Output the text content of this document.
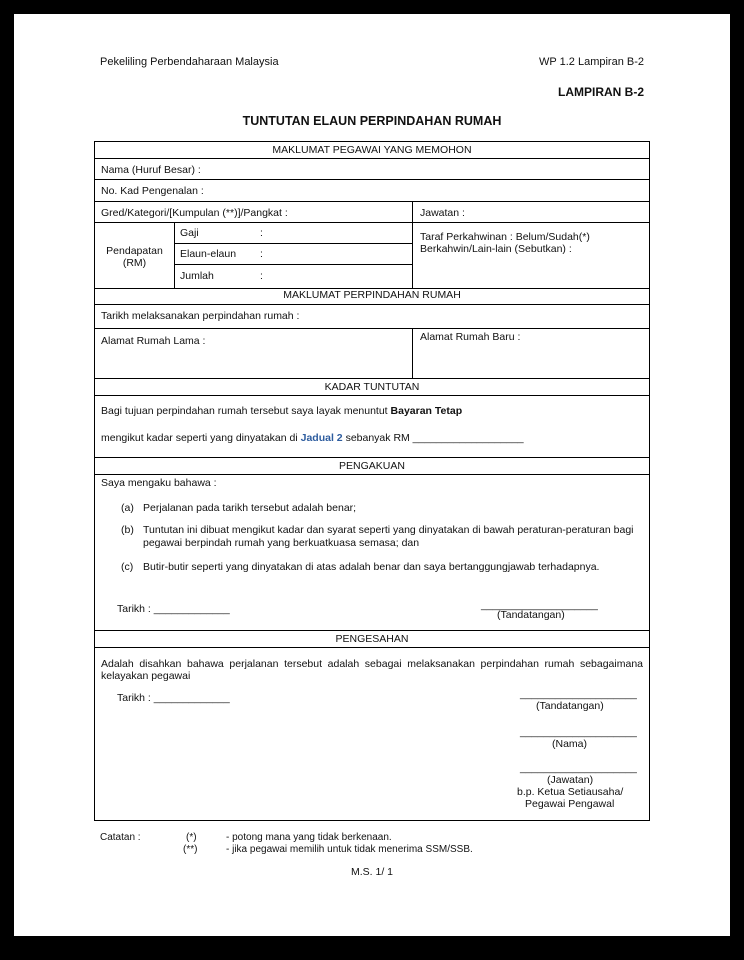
Pekeliling Perbendaharaan Malaysia	WP 1.2 Lampiran B-2
LAMPIRAN B-2
TUNTUTAN ELAUN PERPINDAHAN RUMAH
MAKLUMAT PEGAWAI YANG MEMOHON
Nama (Huruf Besar) :
No. Kad Pengenalan :
Gred/Kategori/[Kumpulan (**)]/Pangkat :	Jawatan :
Pendapatan
(RM)
Gaji	:
Elaun-elaun :
Jumlah	:
Taraf Perkahwinan : Belum/Sudah(*)
Berkahwin/Lain-lain (Sebutkan) :
MAKLUMAT PERPINDAHAN RUMAH
Tarikh melaksanakan perpindahan rumah :
Alamat Rumah Lama :	Alamat Rumah Baru :
KADAR TUNTUTAN
Bagi tujuan perpindahan rumah tersebut saya layak menuntut Bayaran Tetap
mengikut kadar seperti yang dinyatakan di Jadual 2 sebanyak RM ___________________
PENGAKUAN
Saya mengaku bahawa :
(a) Perjalanan pada tarikh tersebut adalah benar;
(b) Tuntutan ini dibuat mengikut kadar dan syarat seperti yang dinyatakan di bawah peraturan-peraturan bagi
pegawai berpindah rumah yang berkuatkuasa semasa; dan
(c) Butir-butir seperti yang dinyatakan di atas adalah benar dan saya bertanggungjawab terhadapnya.
Tarikh : _____________	____________________
(Tandatangan)
PENGESAHAN
Adalah disahkan bahawa perjalanan tersebut adalah sebagai melaksanakan perpindahan rumah sebagaimana kelayakan pegawai
Tarikh : _____________	____________________
(Tandatangan)
____________________
(Nama)
____________________
(Jawatan)
b.p. Ketua Setiausaha/
Pegawai Pengawal
Catatan :	(*)	- potong mana yang tidak berkenaan.
(**)	- jika pegawai memilih untuk tidak menerima SSM/SSB.
M.S. 1/ 1
